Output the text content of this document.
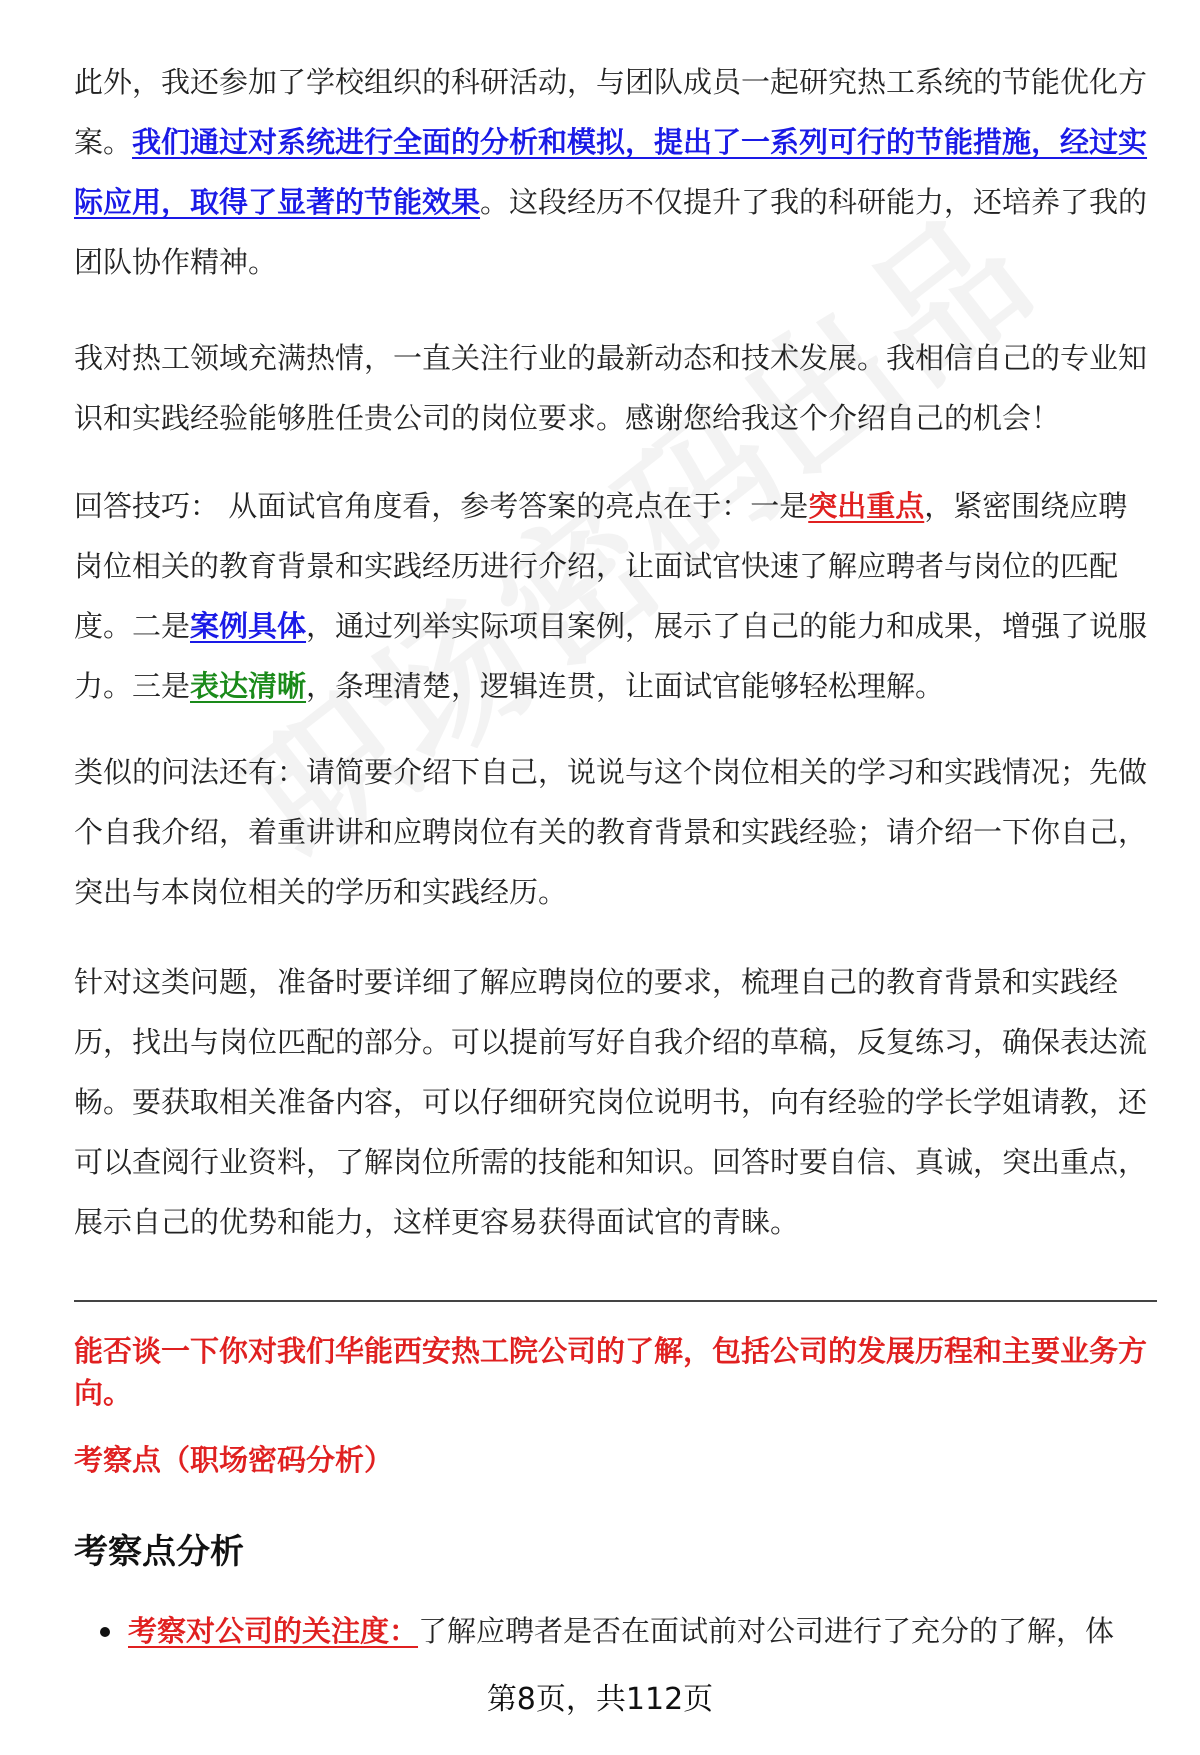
此外，我还参加了学校组织的科研活动，与团队成员一起研究热工系统的节能优化方案。我们通过对系统进行全面的分析和模拟，提出了一系列可行的节能措施，经过实际应用，取得了显著的节能效果。这段经历不仅提升了我的科研能力，还培养了我的团队协作精神。
我对热工领域充满热情，一直关注行业的最新动态和技术发展。我相信自己的专业知识和实践经验能够胜任贵公司的岗位要求。感谢您给我这个介绍自己的机会！
回答技巧： 从面试官角度看，参考答案的亮点在于：一是突出重点，紧密围绕应聘岗位相关的教育背景和实践经历进行介绍，让面试官快速了解应聘者与岗位的匹配度。二是案例具体，通过列举实际项目案例，展示了自己的能力和成果，增强了说服力。三是表达清晰，条理清楚，逻辑连贯，让面试官能够轻松理解。
类似的问法还有：请简要介绍下自己，说说与这个岗位相关的学习和实践情况；先做个自我介绍，着重讲讲和应聘岗位有关的教育背景和实践经验；请介绍一下你自己，突出与本岗位相关的学历和实践经历。
针对这类问题，准备时要详细了解应聘岗位的要求，梳理自己的教育背景和实践经历，找出与岗位匹配的部分。可以提前写好自我介绍的草稿，反复练习，确保表达流畅。要获取相关准备内容，可以仔细研究岗位说明书，向有经验的学长学姐请教，还可以查阅行业资料，了解岗位所需的技能和知识。回答时要自信、真诚，突出重点，展示自己的优势和能力，这样更容易获得面试官的青睐。
能否谈一下你对我们华能西安热工院公司的了解，包括公司的发展历程和主要业务方向。
考察点（职场密码分析）
考察点分析
考察对公司的关注度：了解应聘者是否在面试前对公司进行了充分的了解，体
第8页，共112页
